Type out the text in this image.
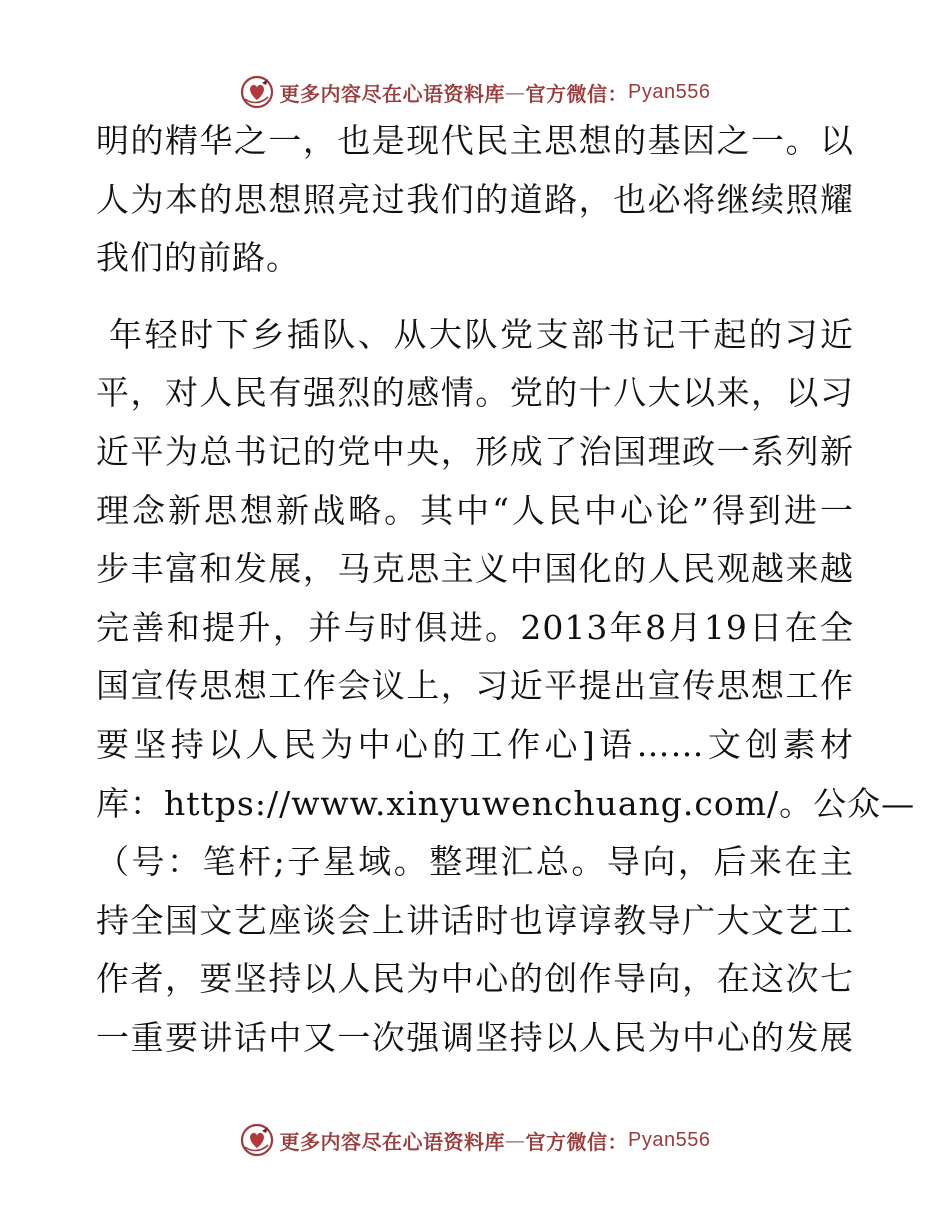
更多内容尽在心语资料库 — 官方微信： Pyan556
明的精华之一，也是现代民主思想的基因之一。以
人为本的思想照亮过我们的道路，也必将继续照耀
我们的前路。
年轻时下乡插队、从大队党支部书记干起的习近
平，对人民有强烈的感情。党的十八大以来，以习
近平为总书记的党中央，形成了治国理政一系列新
理念新思想新战略。其中“人民中心论”得到进一
步丰富和发展，马克思主义中国化的人民观越来越
完善和提升，并与时俱进。2013年8月19日在全
国宣传思想工作会议上，习近平提出宣传思想工作
要坚持以人民为中心的工作心]语……文创素材
库：https://www.xinyuwenchuang.com/。公众—
（号：笔杆;子星域。整理汇总。导向，后来在主
持全国文艺座谈会上讲话时也谆谆教导广大文艺工
作者，要坚持以人民为中心的创作导向，在这次七
一重要讲话中又一次强调坚持以人民为中心的发展
更多内容尽在心语资料库 — 官方微信： Pyan556
